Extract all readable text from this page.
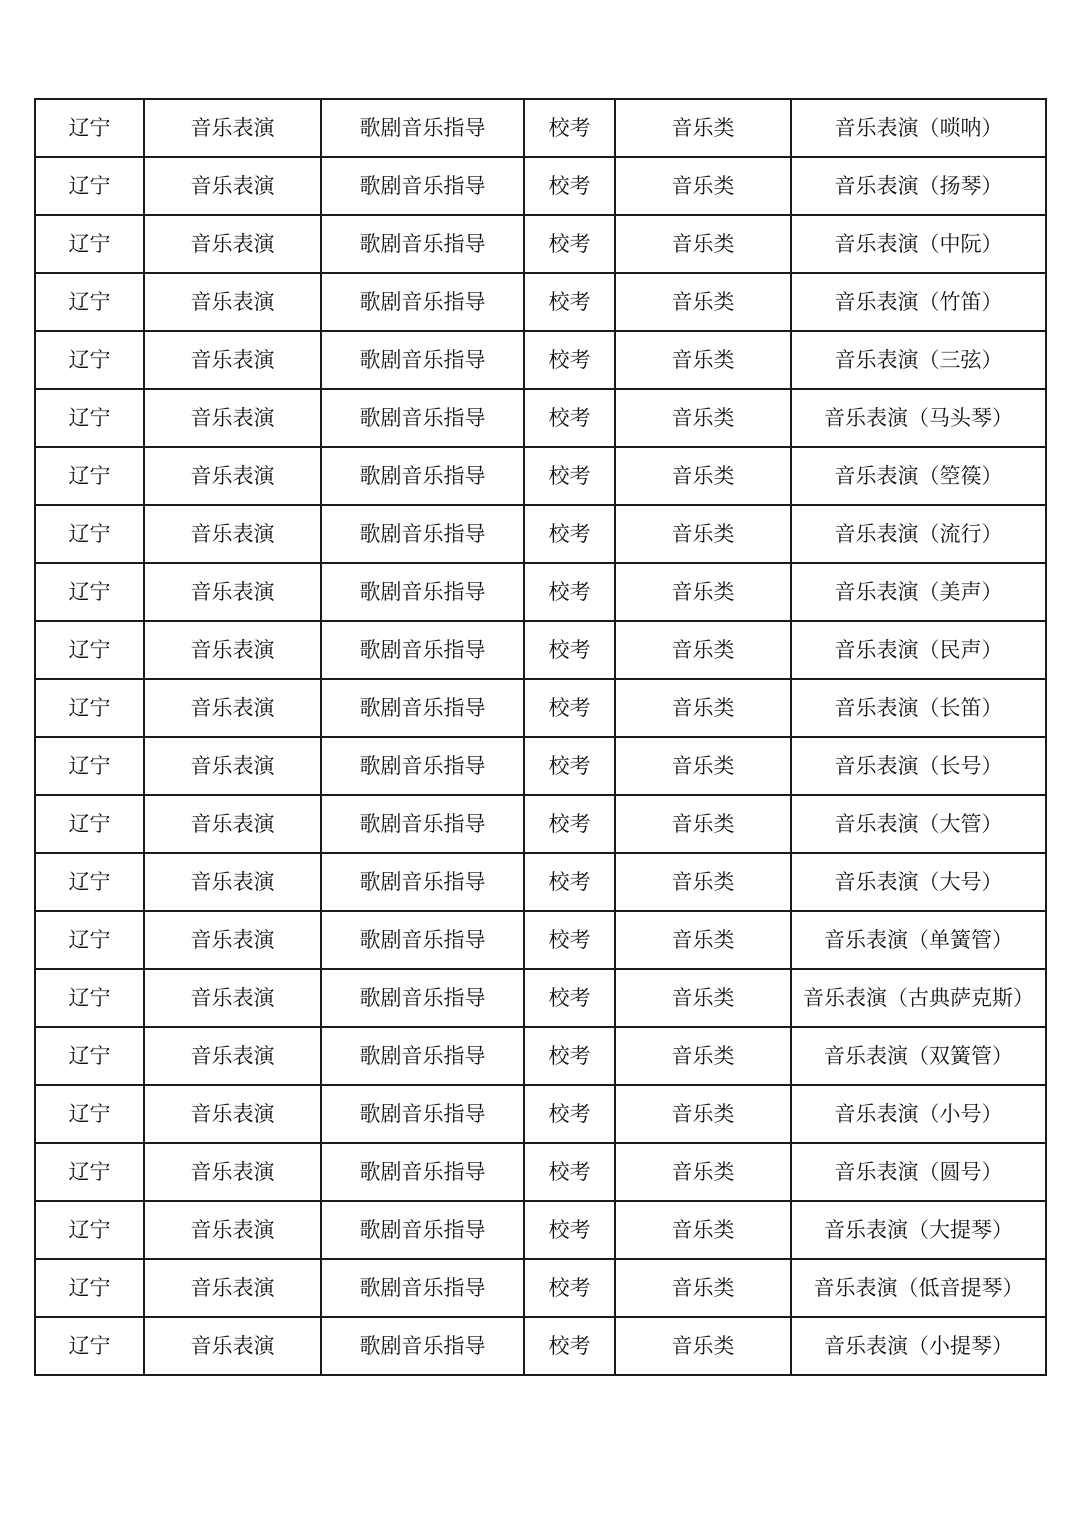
辽宁	音乐表演	歌剧音乐指导	校考	音乐类	音乐表演（唢呐）
辽宁	音乐表演	歌剧音乐指导	校考	音乐类	音乐表演（扬琴）
辽宁	音乐表演	歌剧音乐指导	校考	音乐类	音乐表演（中阮）
辽宁	音乐表演	歌剧音乐指导	校考	音乐类	音乐表演（竹笛）
辽宁	音乐表演	歌剧音乐指导	校考	音乐类	音乐表演（三弦）
辽宁	音乐表演	歌剧音乐指导	校考	音乐类	音乐表演（马头琴）
辽宁	音乐表演	歌剧音乐指导	校考	音乐类	音乐表演（箜篌）
辽宁	音乐表演	歌剧音乐指导	校考	音乐类	音乐表演（流行）
辽宁	音乐表演	歌剧音乐指导	校考	音乐类	音乐表演（美声）
辽宁	音乐表演	歌剧音乐指导	校考	音乐类	音乐表演（民声）
辽宁	音乐表演	歌剧音乐指导	校考	音乐类	音乐表演（长笛）
辽宁	音乐表演	歌剧音乐指导	校考	音乐类	音乐表演（长号）
辽宁	音乐表演	歌剧音乐指导	校考	音乐类	音乐表演（大管）
辽宁	音乐表演	歌剧音乐指导	校考	音乐类	音乐表演（大号）
辽宁	音乐表演	歌剧音乐指导	校考	音乐类	音乐表演（单簧管）
辽宁	音乐表演	歌剧音乐指导	校考	音乐类	音乐表演（古典萨克斯）
辽宁	音乐表演	歌剧音乐指导	校考	音乐类	音乐表演（双簧管）
辽宁	音乐表演	歌剧音乐指导	校考	音乐类	音乐表演（小号）
辽宁	音乐表演	歌剧音乐指导	校考	音乐类	音乐表演（圆号）
辽宁	音乐表演	歌剧音乐指导	校考	音乐类	音乐表演（大提琴）
辽宁	音乐表演	歌剧音乐指导	校考	音乐类	音乐表演（低音提琴）
辽宁	音乐表演	歌剧音乐指导	校考	音乐类	音乐表演（小提琴）
